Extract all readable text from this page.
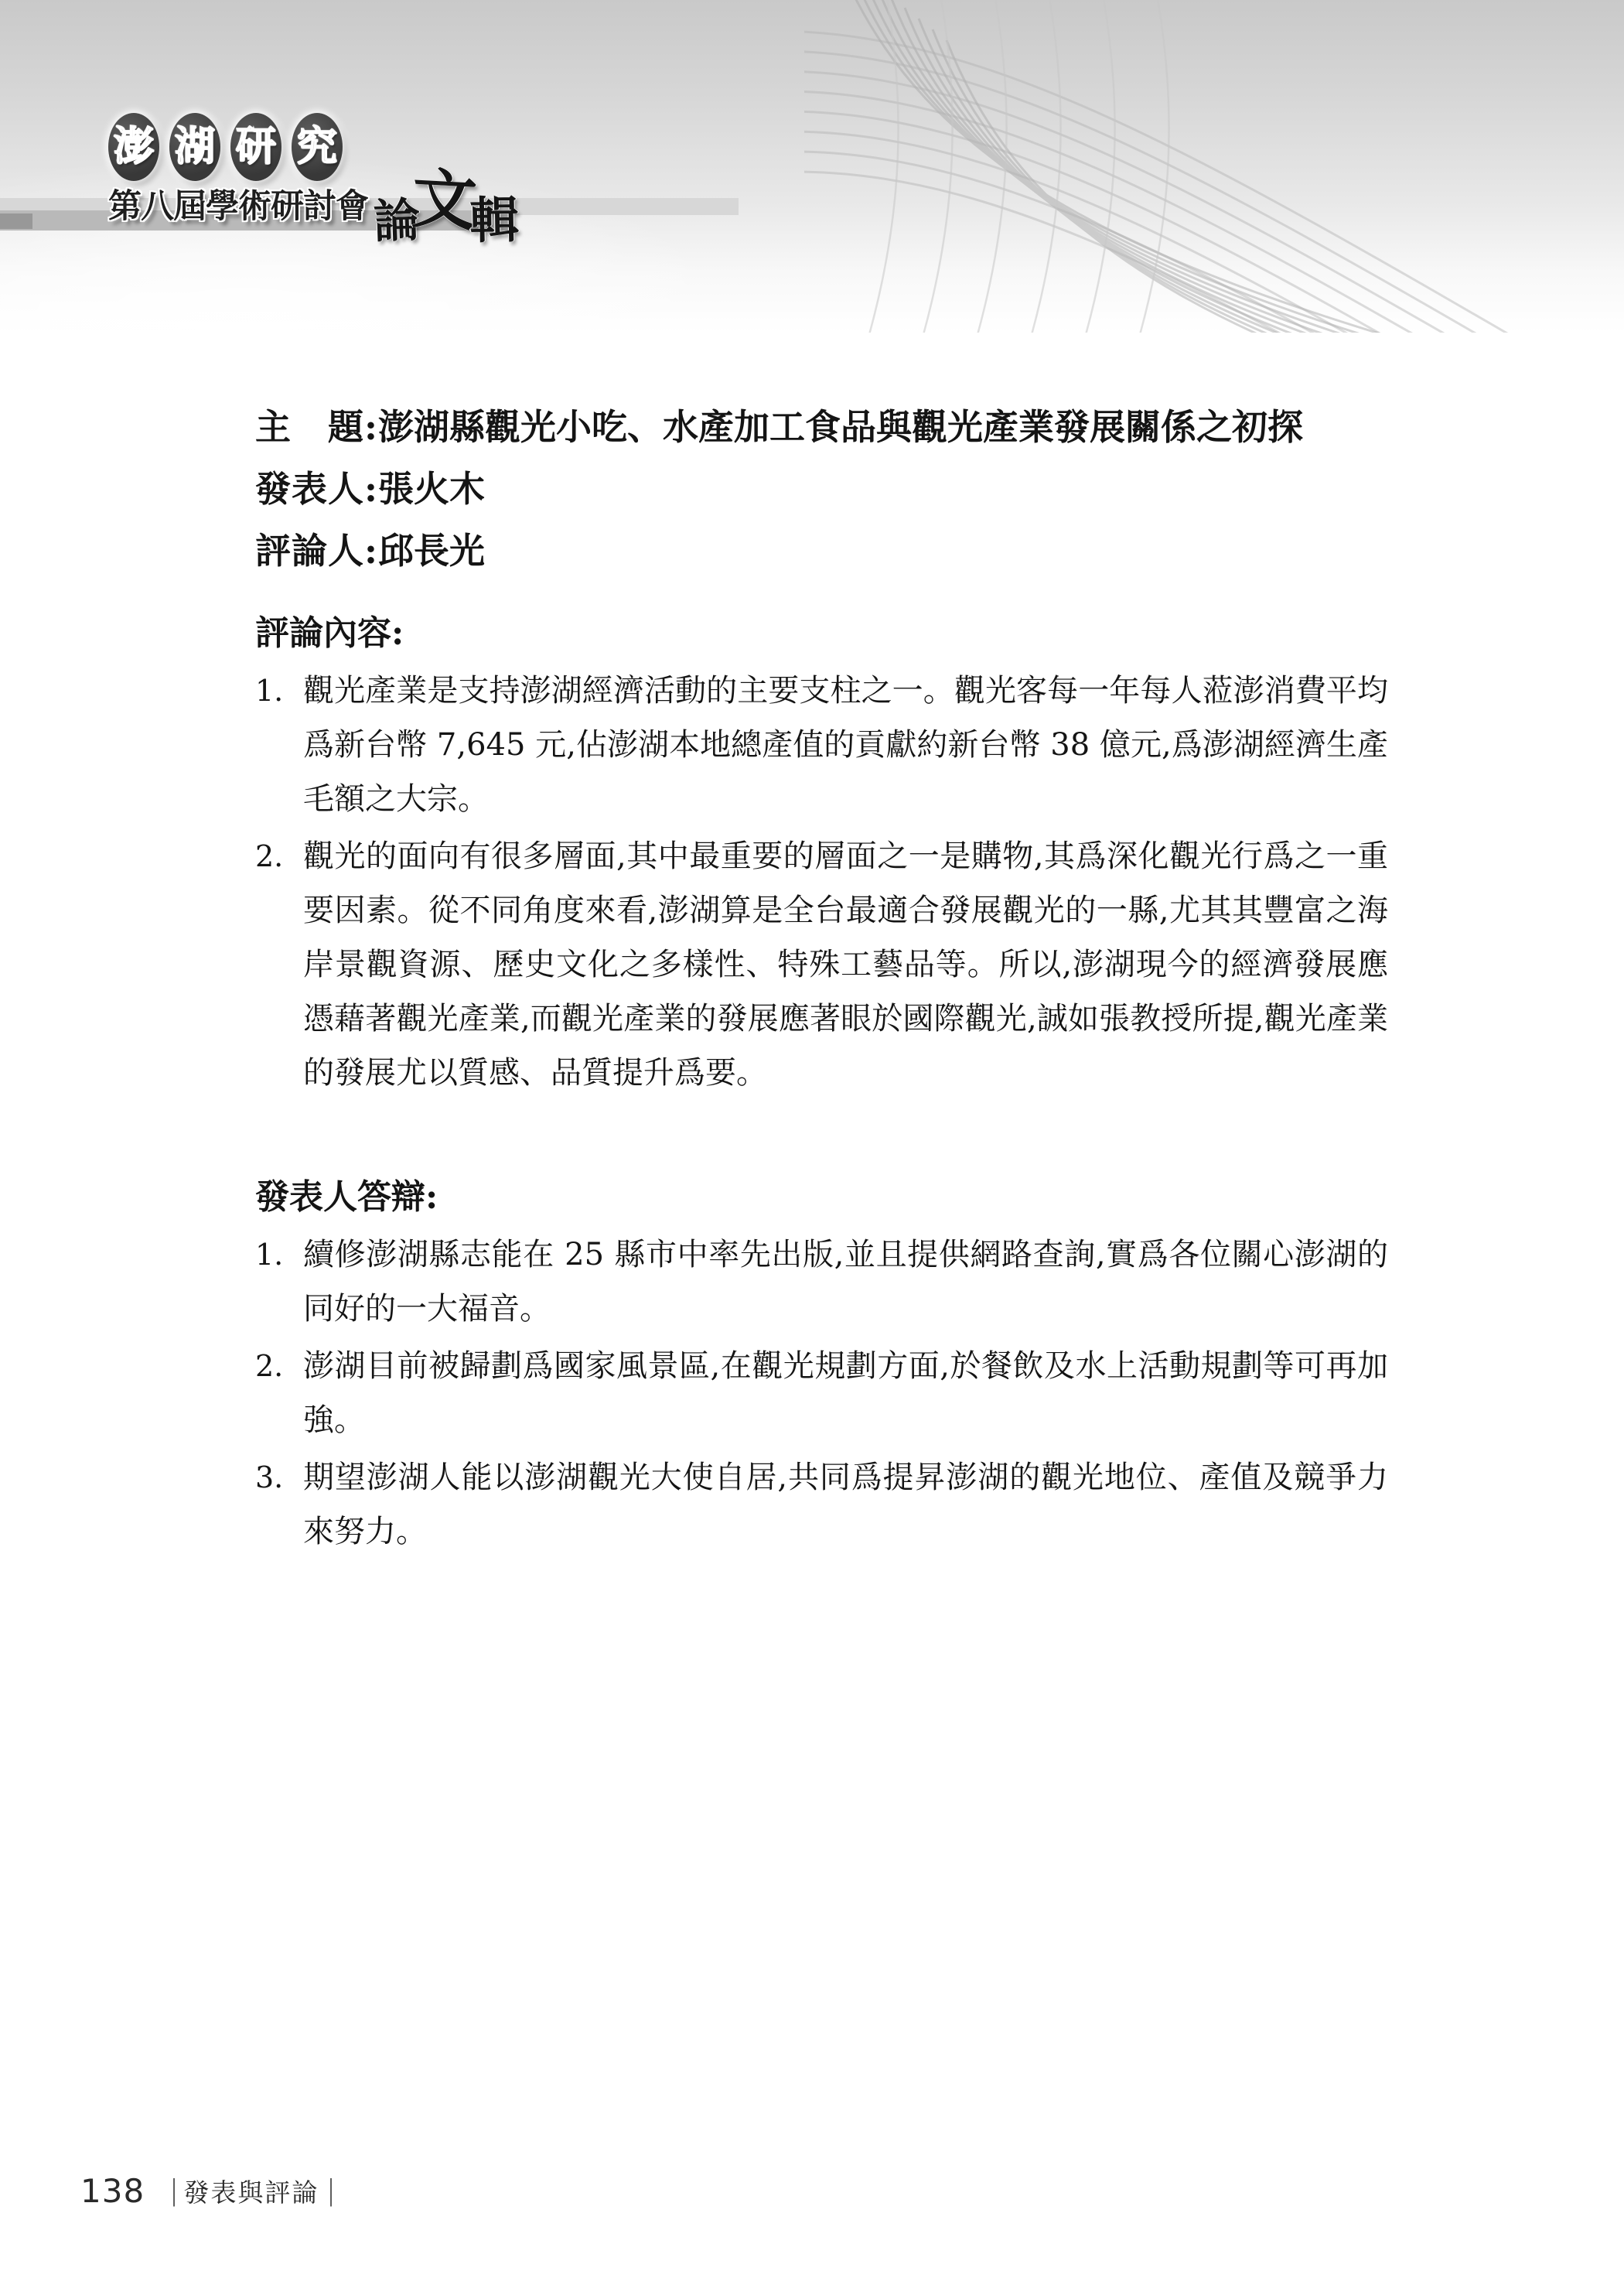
澎 湖 研 究
第八屆學術研討會 論
文
輯
主　題:澎湖縣觀光小吃、水產加工食品與觀光產業發展關係之初探
發表人:張火木
評論人:邱長光
評論內容:
1. 觀光產業是支持澎湖經濟活動的主要支柱之一。觀光客每一年每人蒞澎消費平均爲新台幣 7,645 元,佔澎湖本地總產值的貢獻約新台幣 38 億元,爲澎湖經濟生產毛額之大宗。
2. 觀光的面向有很多層面,其中最重要的層面之一是購物,其爲深化觀光行爲之一重要因素。從不同角度來看,澎湖算是全台最適合發展觀光的一縣,尤其其豐富之海岸景觀資源、歷史文化之多樣性、特殊工藝品等。所以,澎湖現今的經濟發展應憑藉著觀光產業,而觀光產業的發展應著眼於國際觀光,誠如張教授所提,觀光產業的發展尤以質感、品質提升爲要。
發表人答辯:
1. 續修澎湖縣志能在 25 縣市中率先出版,並且提供網路查詢,實爲各位關心澎湖的同好的一大福音。
2. 澎湖目前被歸劃爲國家風景區,在觀光規劃方面,於餐飲及水上活動規劃等可再加強。
3. 期望澎湖人能以澎湖觀光大使自居,共同爲提昇澎湖的觀光地位、產值及競爭力來努力。
138 | 發表與評論 |
